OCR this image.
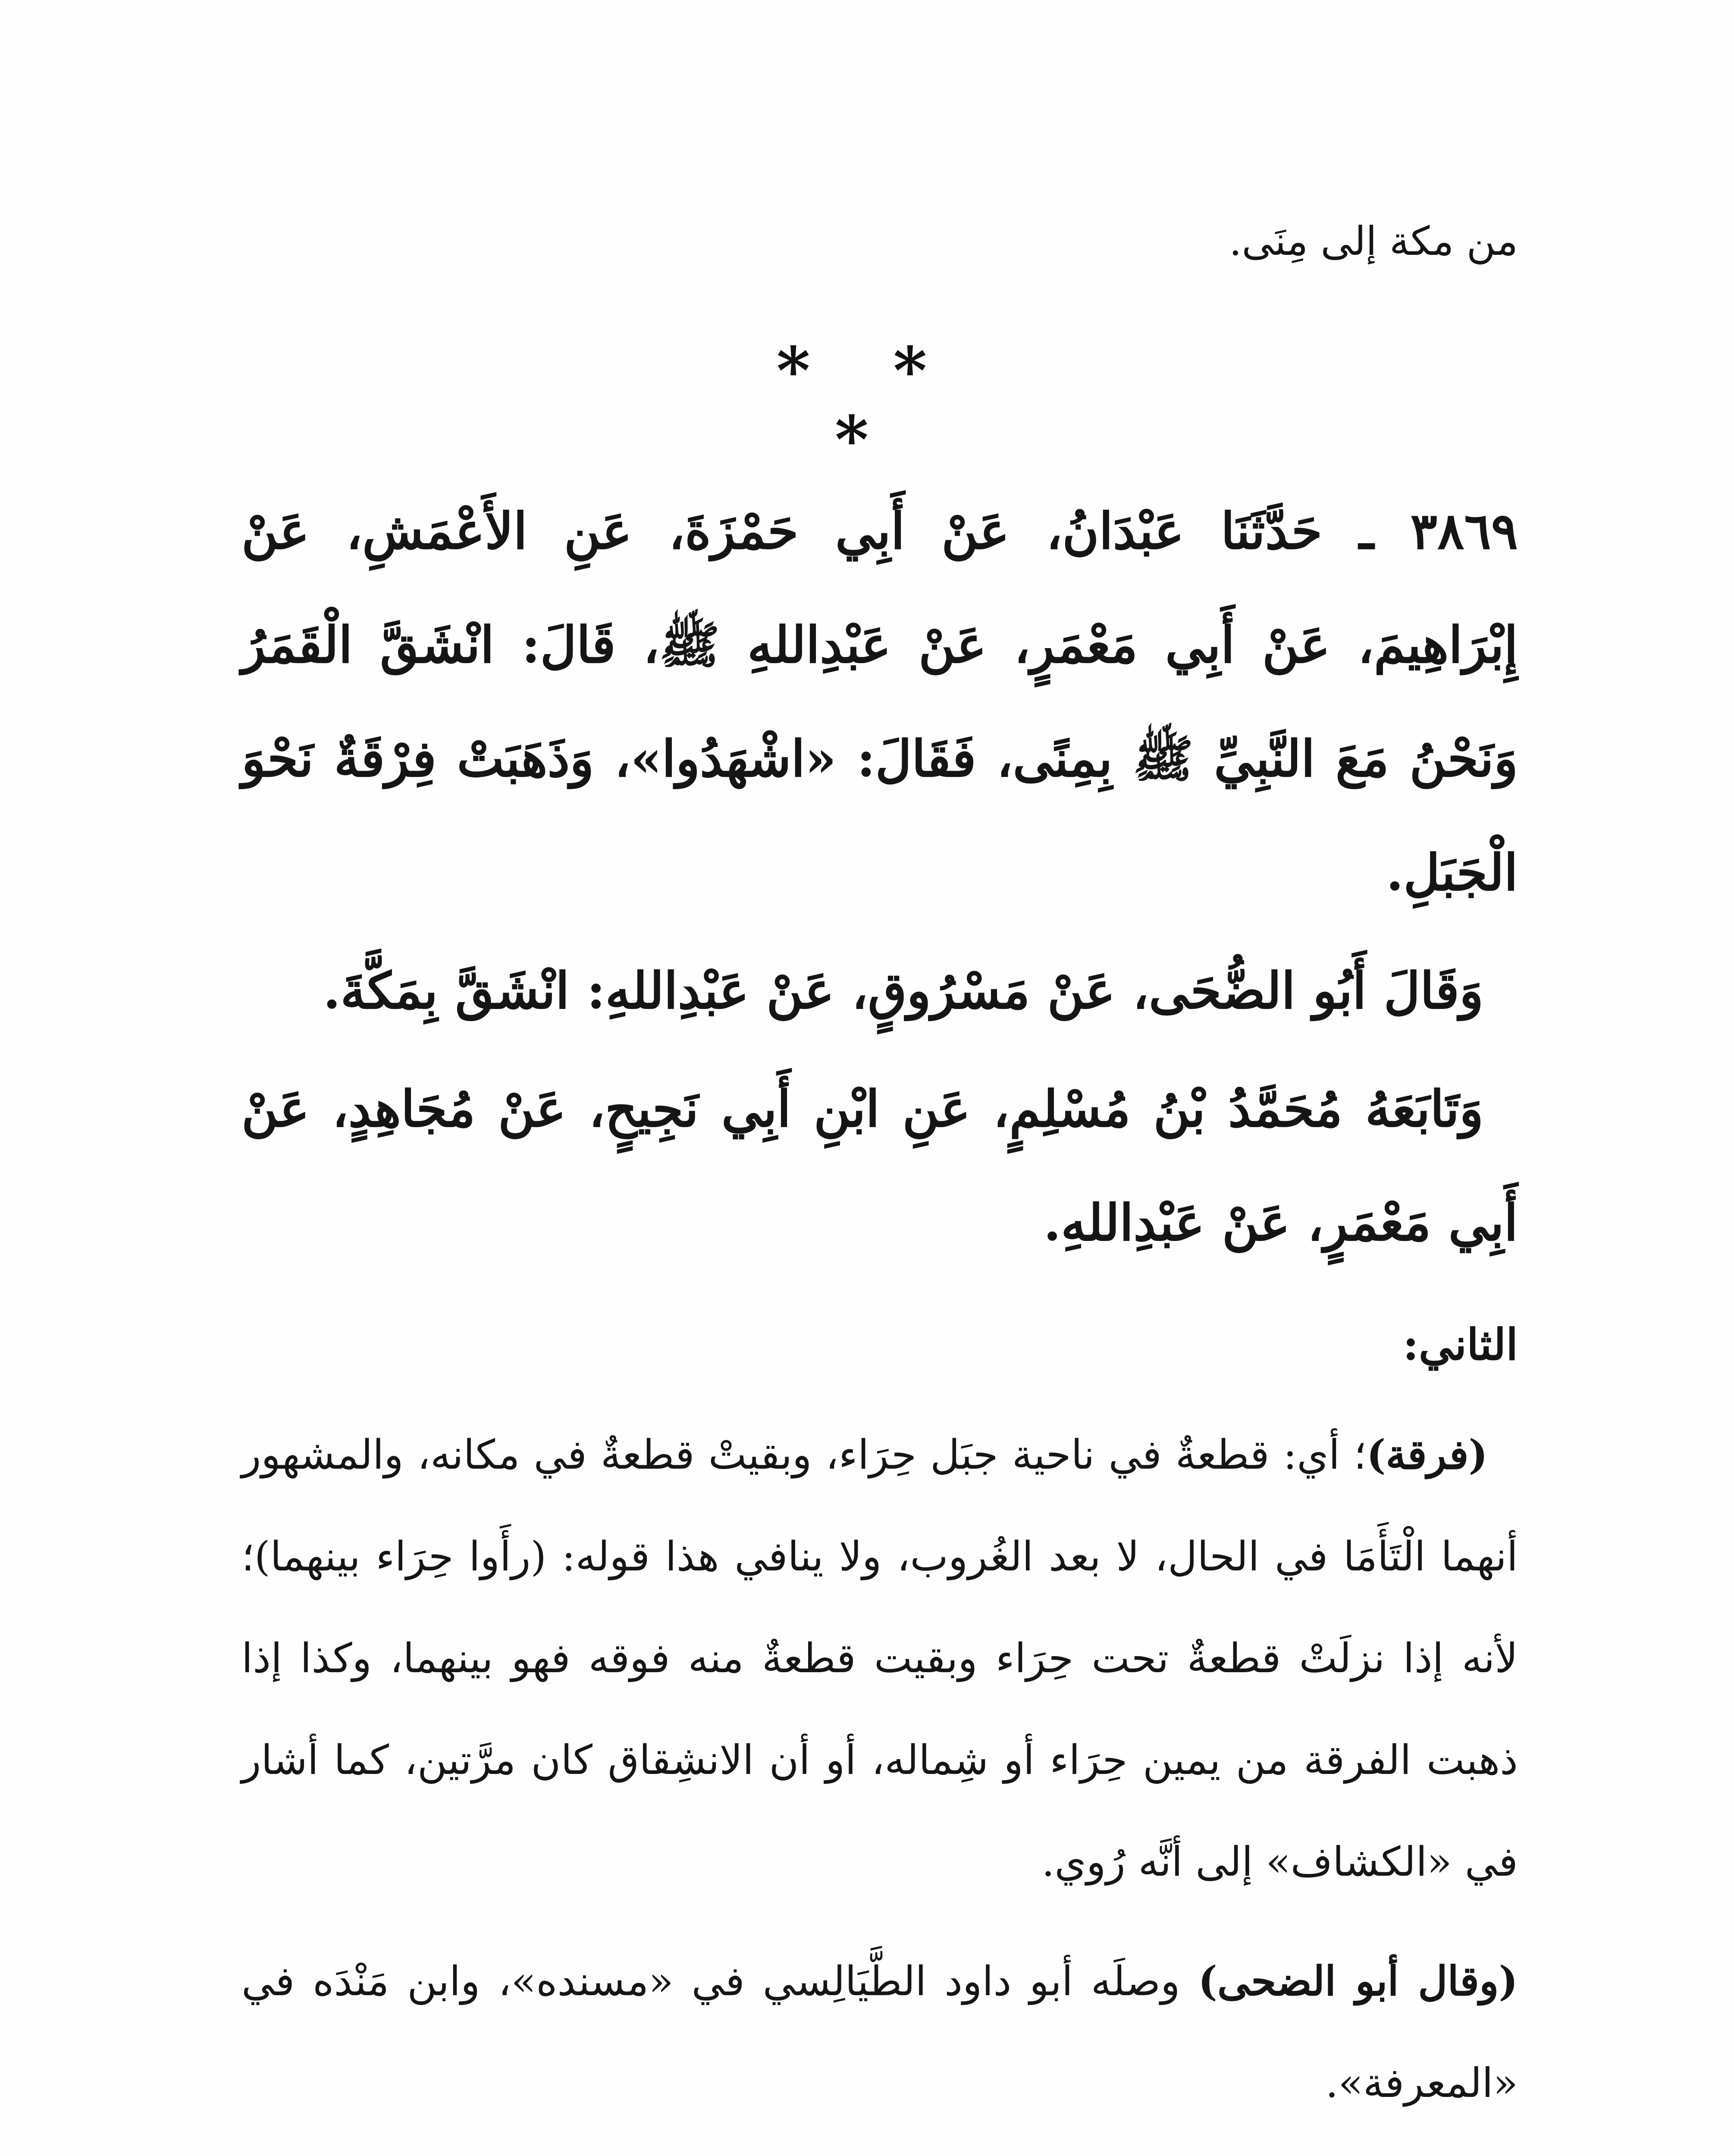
من مكة إلى مِنَى.
* * *

٣٨٦٩ ـ حَدَّثَنَا عَبْدَانُ، عَنْ أَبِي حَمْزَةَ، عَنِ الأَعْمَشِ، عَنْ إِبْرَاهِيمَ، عَنْ أَبِي مَعْمَرٍ، عَنْ عَبْدِاللهِ ﷺ، قَالَ: انْشَقَّ الْقَمَرُ وَنَحْنُ مَعَ النَّبِيِّ ﷺ بِمِنًى، فَقَالَ: «اشْهَدُوا»، وَذَهَبَتْ فِرْقَةٌ نَحْوَ الْجَبَلِ.

وَقَالَ أَبُو الضُّحَى، عَنْ مَسْرُوقٍ، عَنْ عَبْدِاللهِ: انْشَقَّ بِمَكَّةَ.

وَتَابَعَهُ مُحَمَّدُ بْنُ مُسْلِمٍ، عَنِ ابْنِ أَبِي نَجِيحٍ، عَنْ مُجَاهِدٍ، عَنْ أَبِي مَعْمَرٍ، عَنْ عَبْدِاللهِ.

الثاني:

(فرقة)؛ أي: قطعةٌ في ناحية جبَل حِرَاء، وبقيتْ قطعةٌ في مكانه، والمشهور أنهما الْتَأَمَا في الحال، لا بعد الغُروب، ولا ينافي هذا قوله: (رأَوا حِرَاء بينهما)؛ لأنه إذا نزلَتْ قطعةٌ تحت حِرَاء وبقيت قطعةٌ منه فوقه فهو بينهما، وكذا إذا ذهبت الفرقة من يمين حِرَاء أو شِماله، أو أن الانشِقاق كان مرَّتين، كما أشار في «الكشاف» إلى أنَّه رُوي.

(وقال أبو الضحى) وصلَه أبو داود الطَّيَالِسي في «مسنده»، وابن مَنْدَه في «المعرفة».
